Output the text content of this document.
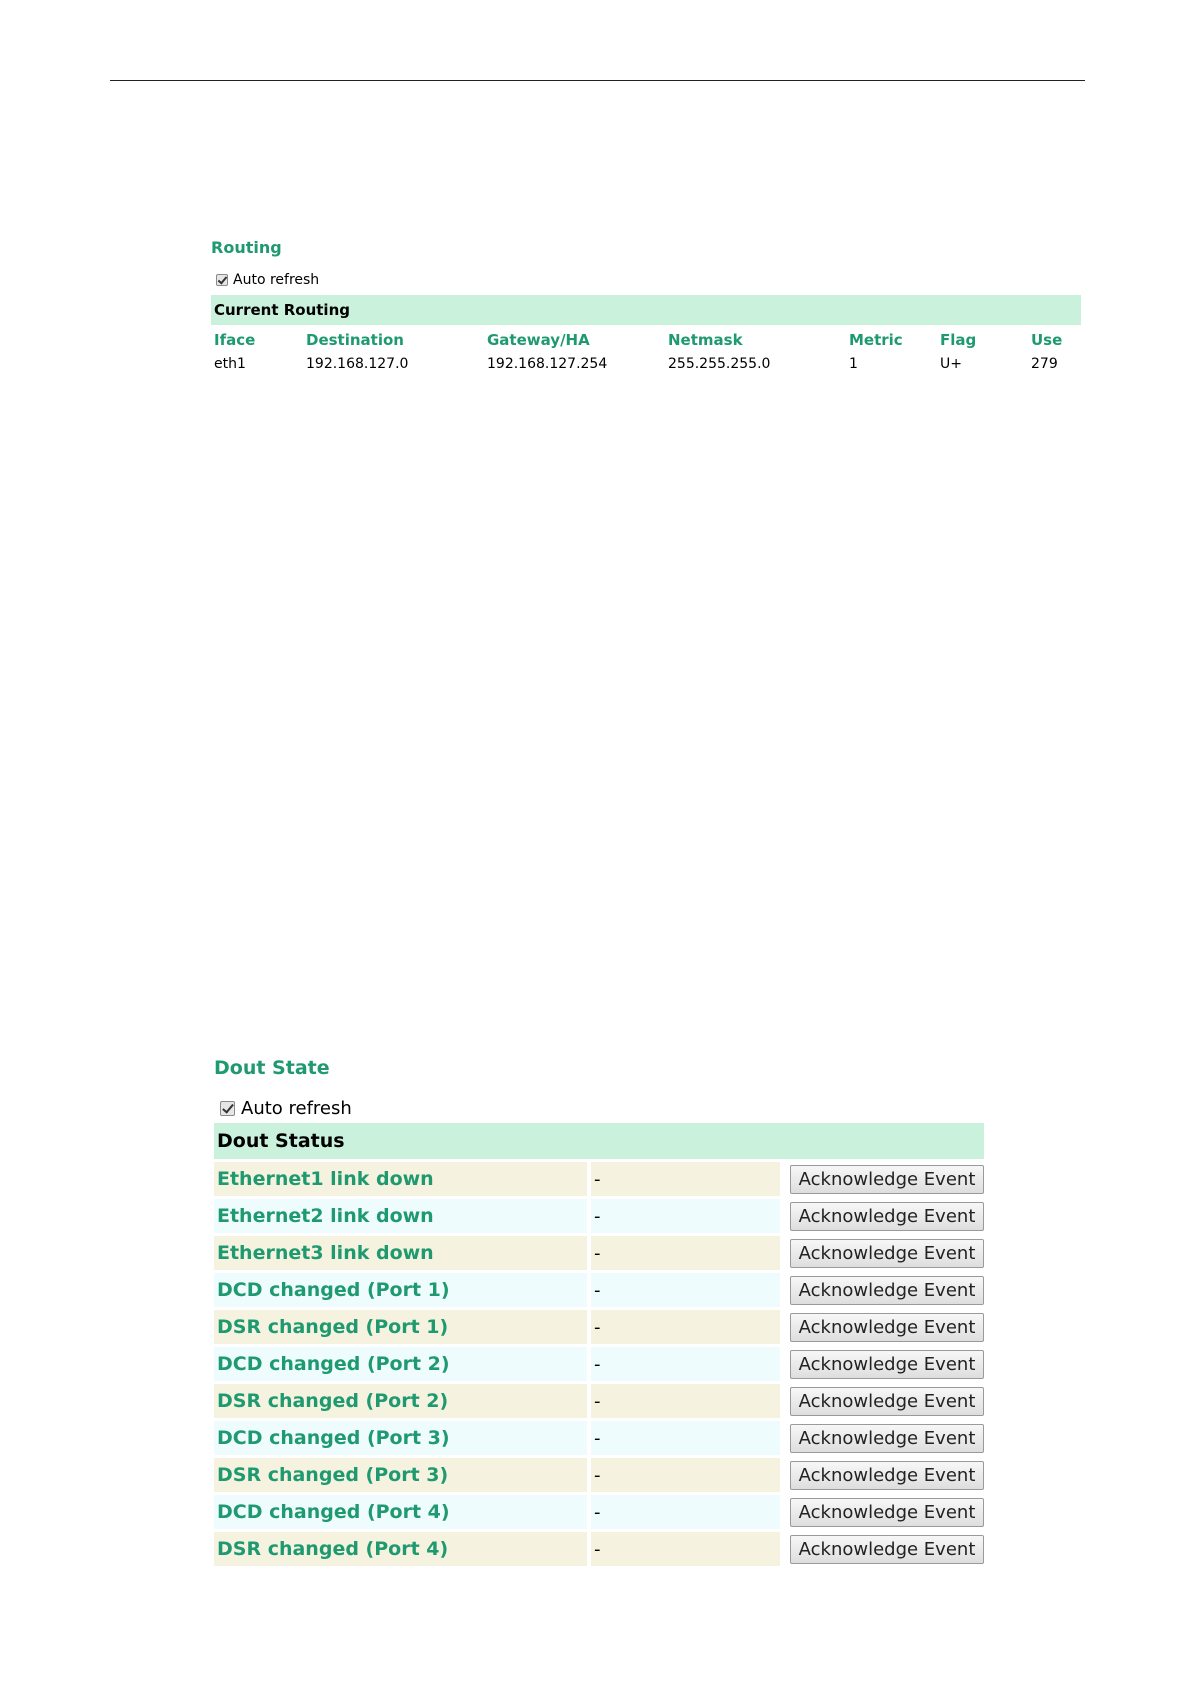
Routing
Auto refresh
Current Routing
Iface	Destination	Gateway/HA	Netmask	Metric	Flag	Use
eth1	192.168.127.0	192.168.127.254	255.255.255.0	1	U+	279
Dout State
Auto refresh
Dout Status
Ethernet1 link down	-	Acknowledge Event
Ethernet2 link down	-	Acknowledge Event
Ethernet3 link down	-	Acknowledge Event
DCD changed (Port 1)	-	Acknowledge Event
DSR changed (Port 1)	-	Acknowledge Event
DCD changed (Port 2)	-	Acknowledge Event
DSR changed (Port 2)	-	Acknowledge Event
DCD changed (Port 3)	-	Acknowledge Event
DSR changed (Port 3)	-	Acknowledge Event
DCD changed (Port 4)	-	Acknowledge Event
DSR changed (Port 4)	-	Acknowledge Event
